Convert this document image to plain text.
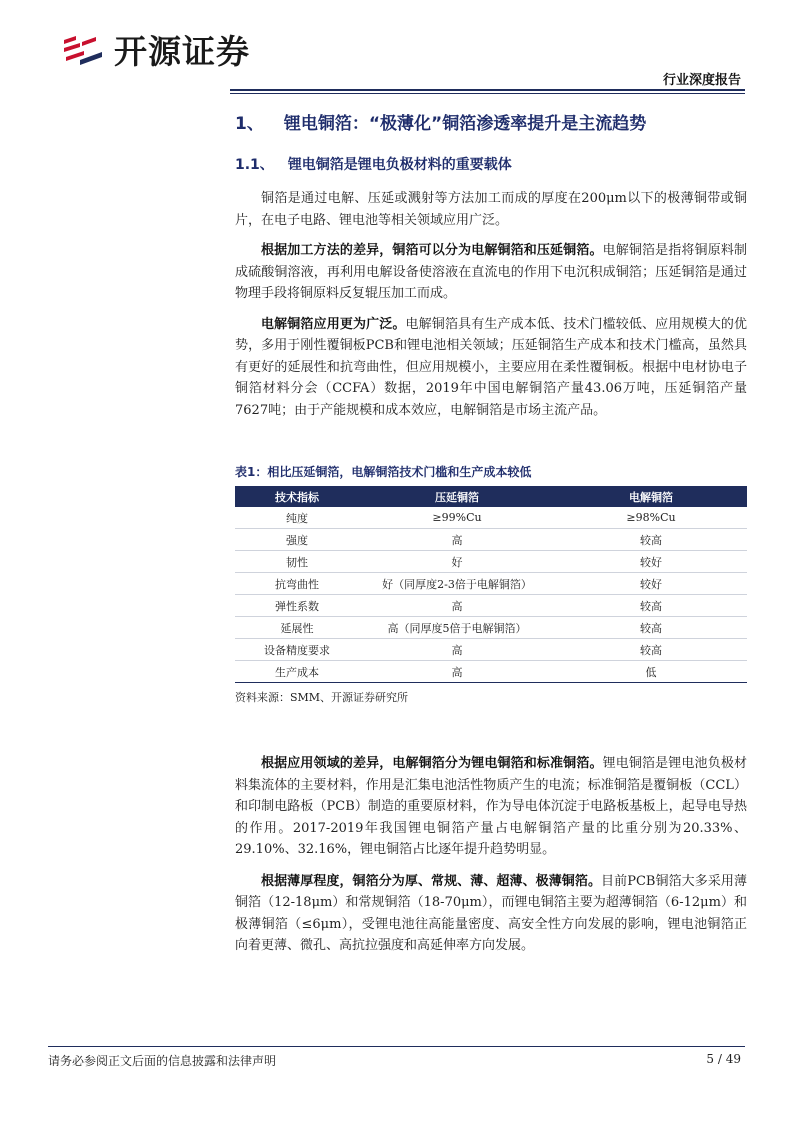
开源证券
行业深度报告
1、 锂电铜箔：“极薄化”铜箔渗透率提升是主流趋势
1.1、 锂电铜箔是锂电负极材料的重要载体

铜箔是通过电解、压延或溅射等方法加工而成的厚度在200μm以下的极薄铜带或铜片，在电子电路、锂电池等相关领域应用广泛。

根据加工方法的差异，铜箔可以分为电解铜箔和压延铜箔。电解铜箔是指将铜原料制成硫酸铜溶液，再利用电解设备使溶液在直流电的作用下电沉积成铜箔；压延铜箔是通过物理手段将铜原料反复辊压加工而成。

电解铜箔应用更为广泛。电解铜箔具有生产成本低、技术门槛较低、应用规模大的优势，多用于刚性覆铜板PCB和锂电池相关领域；压延铜箔生产成本和技术门槛高，虽然具有更好的延展性和抗弯曲性，但应用规模小，主要应用在柔性覆铜板。根据中电材协电子铜箔材料分会（CCFA）数据，2019年中国电解铜箔产量43.06万吨，压延铜箔产量7627吨；由于产能规模和成本效应，电解铜箔是市场主流产品。

表1：相比压延铜箔，电解铜箔技术门槛和生产成本较低
技术指标	压延铜箔	电解铜箔
纯度	≥99%Cu	≥98%Cu
强度	高	较高
韧性	好	较好
抗弯曲性	好（同厚度2-3倍于电解铜箔）	较好
弹性系数	高	较高
延展性	高（同厚度5倍于电解铜箔）	较高
设备精度要求	高	较高
生产成本	高	低
资料来源：SMM、开源证券研究所

根据应用领域的差异，电解铜箔分为锂电铜箔和标准铜箔。锂电铜箔是锂电池负极材料集流体的主要材料，作用是汇集电池活性物质产生的电流；标准铜箔是覆铜板（CCL）和印制电路板（PCB）制造的重要原材料，作为导电体沉淀于电路板基板上，起导电导热的作用。2017-2019年我国锂电铜箔产量占电解铜箔产量的比重分别为20.33%、29.10%、32.16%，锂电铜箔占比逐年提升趋势明显。

根据薄厚程度，铜箔分为厚、常规、薄、超薄、极薄铜箔。目前PCB铜箔大多采用薄铜箔（12-18μm）和常规铜箔（18-70μm），而锂电铜箔主要为超薄铜箔（6-12μm）和极薄铜箔（≤6μm），受锂电池往高能量密度、高安全性方向发展的影响，锂电池铜箔正向着更薄、微孔、高抗拉强度和高延伸率方向发展。

请务必参阅正文后面的信息披露和法律声明	5 / 49
